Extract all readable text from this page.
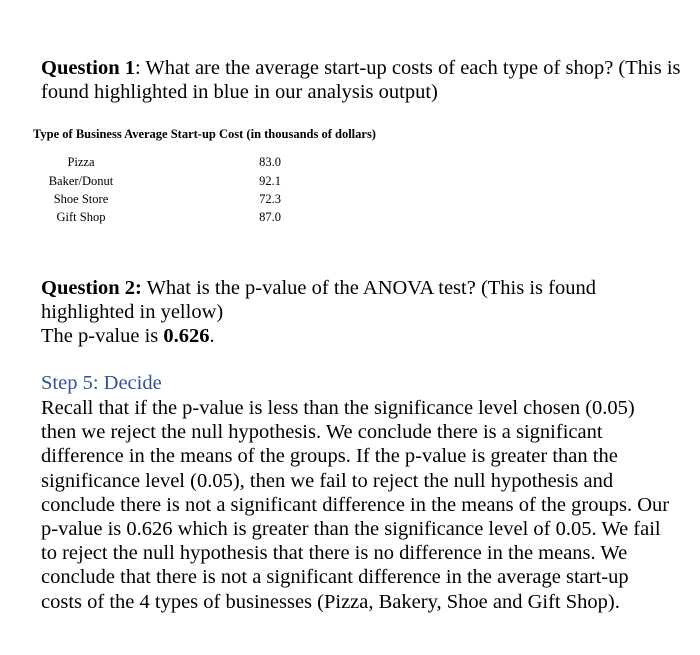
Question 1: What are the average start-up costs of each type of shop? (This is found highlighted in blue in our analysis output)
Type of Business Average Start-up Cost (in thousands of dollars)
Pizza	83.0
Baker/Donut	92.1
Shoe Store	72.3
Gift Shop	87.0
Question 2: What is the p-value of the ANOVA test? (This is found highlighted in yellow)
The p-value is 0.626.
Step 5: Decide
Recall that if the p-value is less than the significance level chosen (0.05) then we reject the null hypothesis. We conclude there is a significant difference in the means of the groups. If the p-value is greater than the significance level (0.05), then we fail to reject the null hypothesis and conclude there is not a significant difference in the means of the groups. Our p-value is 0.626 which is greater than the significance level of 0.05. We fail to reject the null hypothesis that there is no difference in the means. We conclude that there is not a significant difference in the average start-up costs of the 4 types of businesses (Pizza, Bakery, Shoe and Gift Shop).
